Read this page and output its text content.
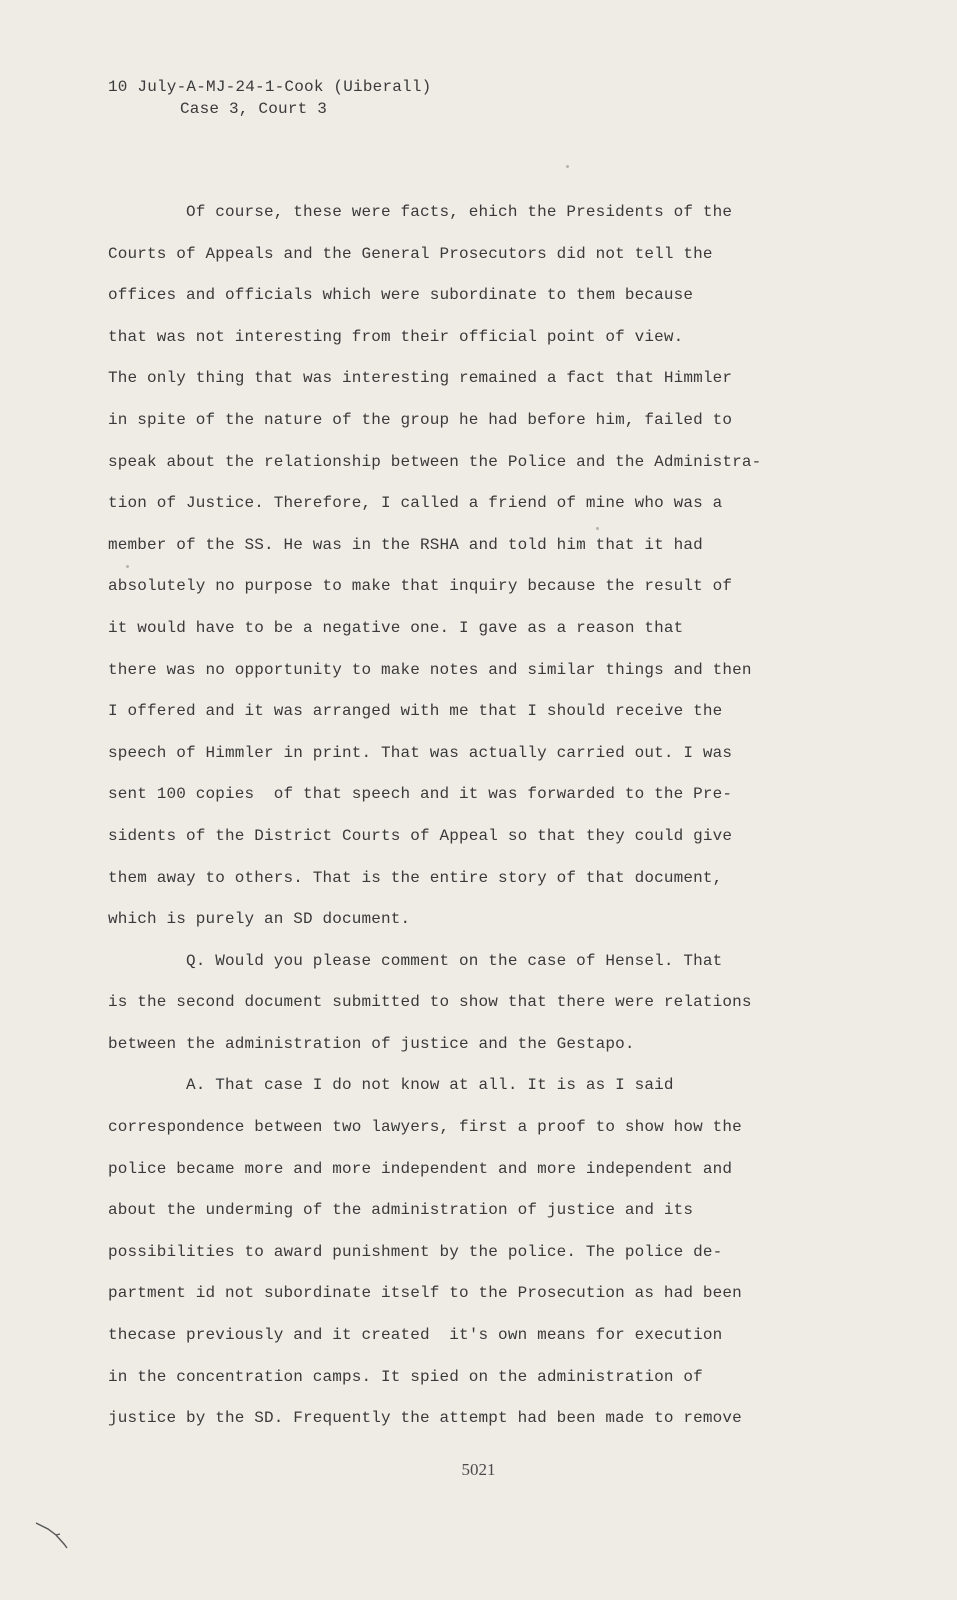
10 July-A-MJ-24-1-Cook (Uiberall)
Case 3, Court 3
Of course, these were facts, ehich the Presidents of the
Courts of Appeals and the General Prosecutors did not tell the
offices and officials which were subordinate to them because
that was not interesting from their official point of view.
The only thing that was interesting remained a fact that Himmler
in spite of the nature of the group he had before him, failed to
speak about the relationship between the Police and the Administra-
tion of Justice. Therefore, I called a friend of mine who was a
member of the SS. He was in the RSHA and told him that it had
absolutely no purpose to make that inquiry because the result of
it would have to be a negative one. I gave as a reason that
there was no opportunity to make notes and similar things and then
I offered and it was arranged with me that I should receive the
speech of Himmler in print. That was actually carried out. I was
sent 100 copies  of that speech and it was forwarded to the Pre-
sidents of the District Courts of Appeal so that they could give
them away to others. That is the entire story of that document,
which is purely an SD document.
Q. Would you please comment on the case of Hensel. That
is the second document submitted to show that there were relations
between the administration of justice and the Gestapo.
A. That case I do not know at all. It is as I said
correspondence between two lawyers, first a proof to show how the
police became more and more independent and more independent and
about the underming of the administration of justice and its
possibilities to award punishment by the police. The police de-
partment id not subordinate itself to the Prosecution as had been
thecase previously and it created  it's own means for execution
in the concentration camps. It spied on the administration of
justice by the SD. Frequently the attempt had been made to remove
5021
